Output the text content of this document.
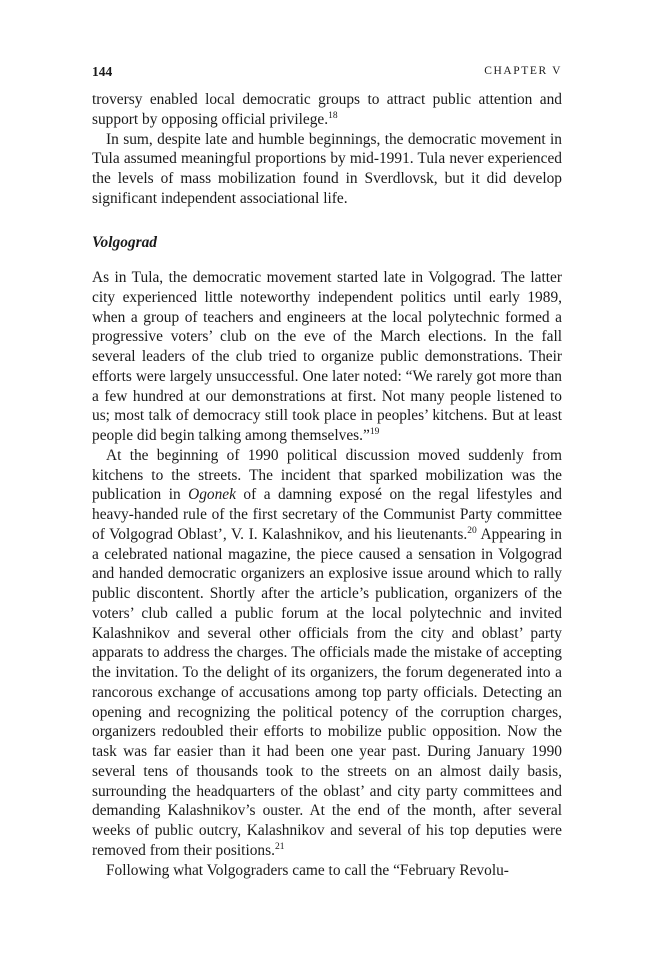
144	CHAPTER V

troversy enabled local democratic groups to attract public attention and support by opposing official privilege.$^{18}$

In sum, despite late and humble beginnings, the democratic movement in Tula assumed meaningful proportions by mid-1991. Tula never experienced the levels of mass mobilization found in Sverdlovsk, but it did develop significant independent associational life.

Volgograd

As in Tula, the democratic movement started late in Volgograd. The latter city experienced little noteworthy independent politics until early 1989, when a group of teachers and engineers at the local polytechnic formed a progressive voters’ club on the eve of the March elections. In the fall several leaders of the club tried to organize public demonstrations. Their efforts were largely unsuccessful. One later noted: “We rarely got more than a few hundred at our demonstrations at first. Not many people listened to us; most talk of democracy still took place in peoples’ kitchens. But at least people did begin talking among themselves.”$^{19}$

At the beginning of 1990 political discussion moved suddenly from kitchens to the streets. The incident that sparked mobilization was the publication in Ogonek of a damning exposé on the regal lifestyles and heavy-handed rule of the first secretary of the Communist Party committee of Volgograd Oblast’, V. I. Kalashnikov, and his lieutenants.$^{20}$ Appearing in a celebrated national magazine, the piece caused a sensation in Volgograd and handed democratic organizers an explosive issue around which to rally public discontent. Shortly after the article’s publication, organizers of the voters’ club called a public forum at the local polytechnic and invited Kalashnikov and several other officials from the city and oblast’ party apparats to address the charges. The officials made the mistake of accepting the invitation. To the delight of its organizers, the forum degenerated into a rancorous exchange of accusations among top party officials. Detecting an opening and recognizing the political potency of the corruption charges, organizers redoubled their efforts to mobilize public opposition. Now the task was far easier than it had been one year past. During January 1990 several tens of thousands took to the streets on an almost daily basis, surrounding the headquarters of the oblast’ and city party committees and demanding Kalashnikov’s ouster. At the end of the month, after several weeks of public outcry, Kalashnikov and several of his top deputies were removed from their positions.$^{21}$

Following what Volgograders came to call the “February Revolu-
